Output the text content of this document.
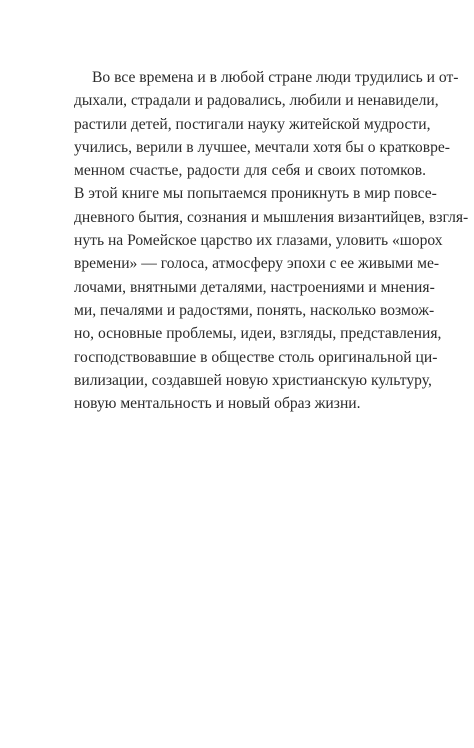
Во все времена и в любой стране люди трудились и от-
дыхали, страдали и радовались, любили и ненавидели,
растили детей, постигали науку житейской мудрости,
учились, верили в лучшее, мечтали хотя бы о кратковре-
менном счастье, радости для себя и своих потомков.
В этой книге мы попытаемся проникнуть в мир повсе-
дневного бытия, сознания и мышления византийцев, взгля-
нуть на Ромейское царство их глазами, уловить «шорох
времени» — голоса, атмосферу эпохи с ее живыми ме-
лочами, внятными деталями, настроениями и мнения-
ми, печалями и радостями, понять, насколько возмож-
но, основные проблемы, идеи, взгляды, представления,
господствовавшие в обществе столь оригинальной ци-
вилизации, создавшей новую христианскую культуру,
новую ментальность и новый образ жизни.
